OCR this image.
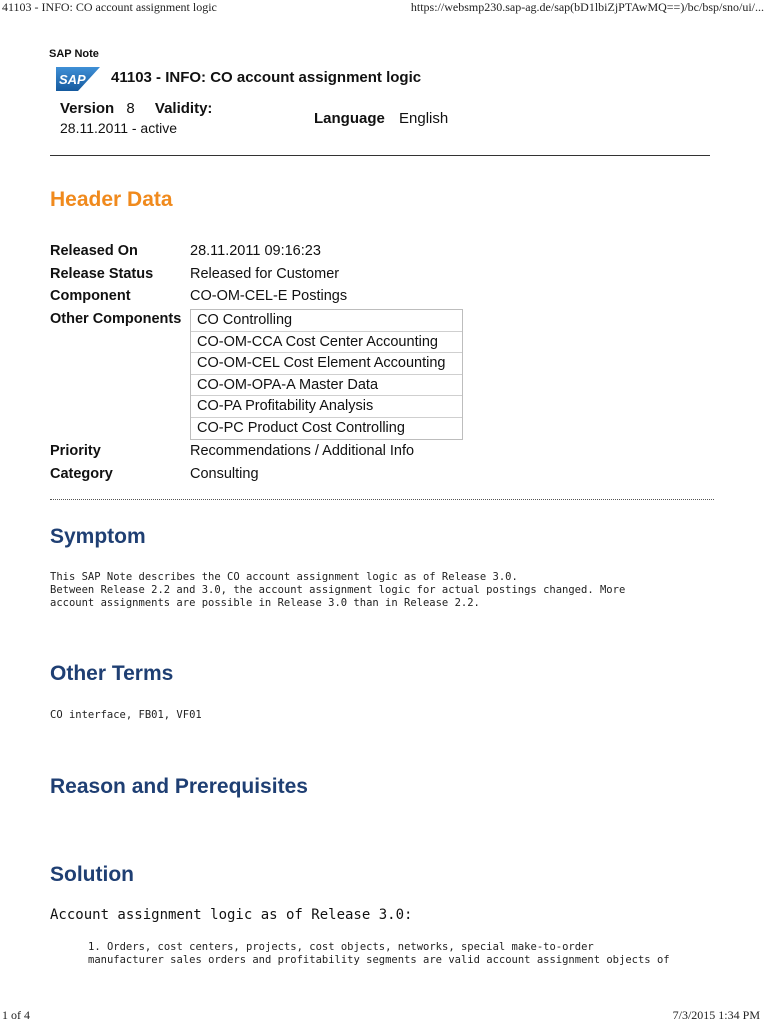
41103 - INFO: CO account assignment logic	https://websmp230.sap-ag.de/sap(bD1lbiZjPTAwMQ==)/bc/bsp/sno/ui/...
SAP Note
SAP 41103 - INFO: CO account assignment logic
Version 8 Validity:
28.11.2011 - active
Language English
Header Data
Released On	28.11.2011 09:16:23
Release Status	Released for Customer
Component	CO-OM-CEL-E Postings
Other Components	CO Controlling
CO-OM-CCA Cost Center Accounting
CO-OM-CEL Cost Element Accounting
CO-OM-OPA-A Master Data
CO-PA Profitability Analysis
CO-PC Product Cost Controlling
Priority	Recommendations / Additional Info
Category	Consulting
Symptom
This SAP Note describes the CO account assignment logic as of Release 3.0.
Between Release 2.2 and 3.0, the account assignment logic for actual postings changed. More
account assignments are possible in Release 3.0 than in Release 2.2.
Other Terms
CO interface, FB01, VF01
Reason and Prerequisites
Solution
Account assignment logic as of Release 3.0:
1. Orders, cost centers, projects, cost objects, networks, special make-to-order
manufacturer sales orders and profitability segments are valid account assignment objects of
1 of 4	7/3/2015 1:34 PM
